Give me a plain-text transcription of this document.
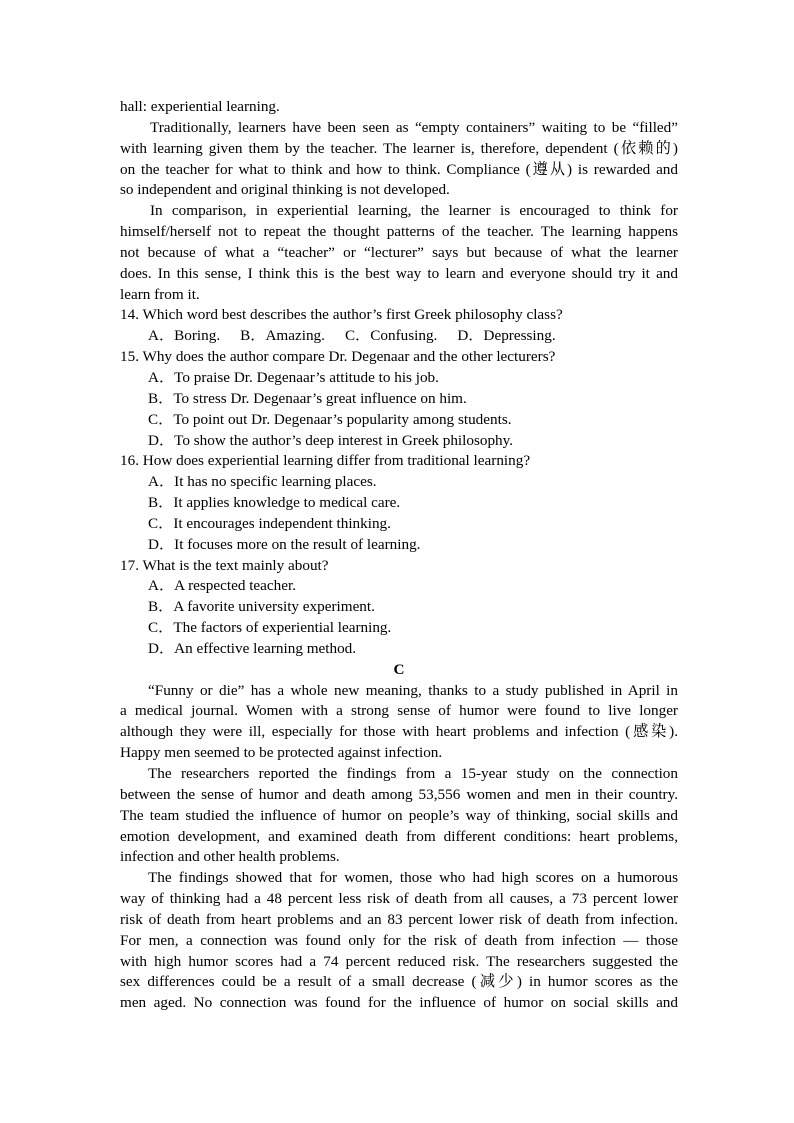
hall: experiential learning.
Traditionally, learners have been seen as “empty containers” waiting to be “filled”
with learning given them by the teacher. The learner is, therefore, dependent (依赖的)
on the teacher for what to think and how to think. Compliance (遵从) is rewarded and
so independent and original thinking is not developed.
In comparison, in experiential learning, the learner is encouraged to think for
himself/herself not to repeat the thought patterns of the teacher. The learning happens
not because of what a “teacher” or “lecturer” says but because of what the learner
does. In this sense, I think this is the best way to learn and everyone should try it and
learn from it.
14. Which word best describes the author’s first Greek philosophy class?
A．Boring. B．Amazing. C．Confusing. D．Depressing.
15. Why does the author compare Dr. Degenaar and the other lecturers?
A．To praise Dr. Degenaar’s attitude to his job.
B．To stress Dr. Degenaar’s great influence on him.
C．To point out Dr. Degenaar’s popularity among students.
D．To show the author’s deep interest in Greek philosophy.
16. How does experiential learning differ from traditional learning?
A．It has no specific learning places.
B．It applies knowledge to medical care.
C．It encourages independent thinking.
D．It focuses more on the result of learning.
17. What is the text mainly about?
A．A respected teacher.
B．A favorite university experiment.
C．The factors of experiential learning.
D．An effective learning method.
C
“Funny or die” has a whole new meaning, thanks to a study published in April in
a medical journal. Women with a strong sense of humor were found to live longer
although they were ill, especially for those with heart problems and infection (感染).
Happy men seemed to be protected against infection.
The researchers reported the findings from a 15-year study on the connection
between the sense of humor and death among 53,556 women and men in their country.
The team studied the influence of humor on people’s way of thinking, social skills and
emotion development, and examined death from different conditions: heart problems,
infection and other health problems.
The findings showed that for women, those who had high scores on a humorous
way of thinking had a 48 percent less risk of death from all causes, a 73 percent lower
risk of death from heart problems and an 83 percent lower risk of death from infection.
For men, a connection was found only for the risk of death from infection — those
with high humor scores had a 74 percent reduced risk. The researchers suggested the
sex differences could be a result of a small decrease (减少) in humor scores as the
men aged. No connection was found for the influence of humor on social skills and
